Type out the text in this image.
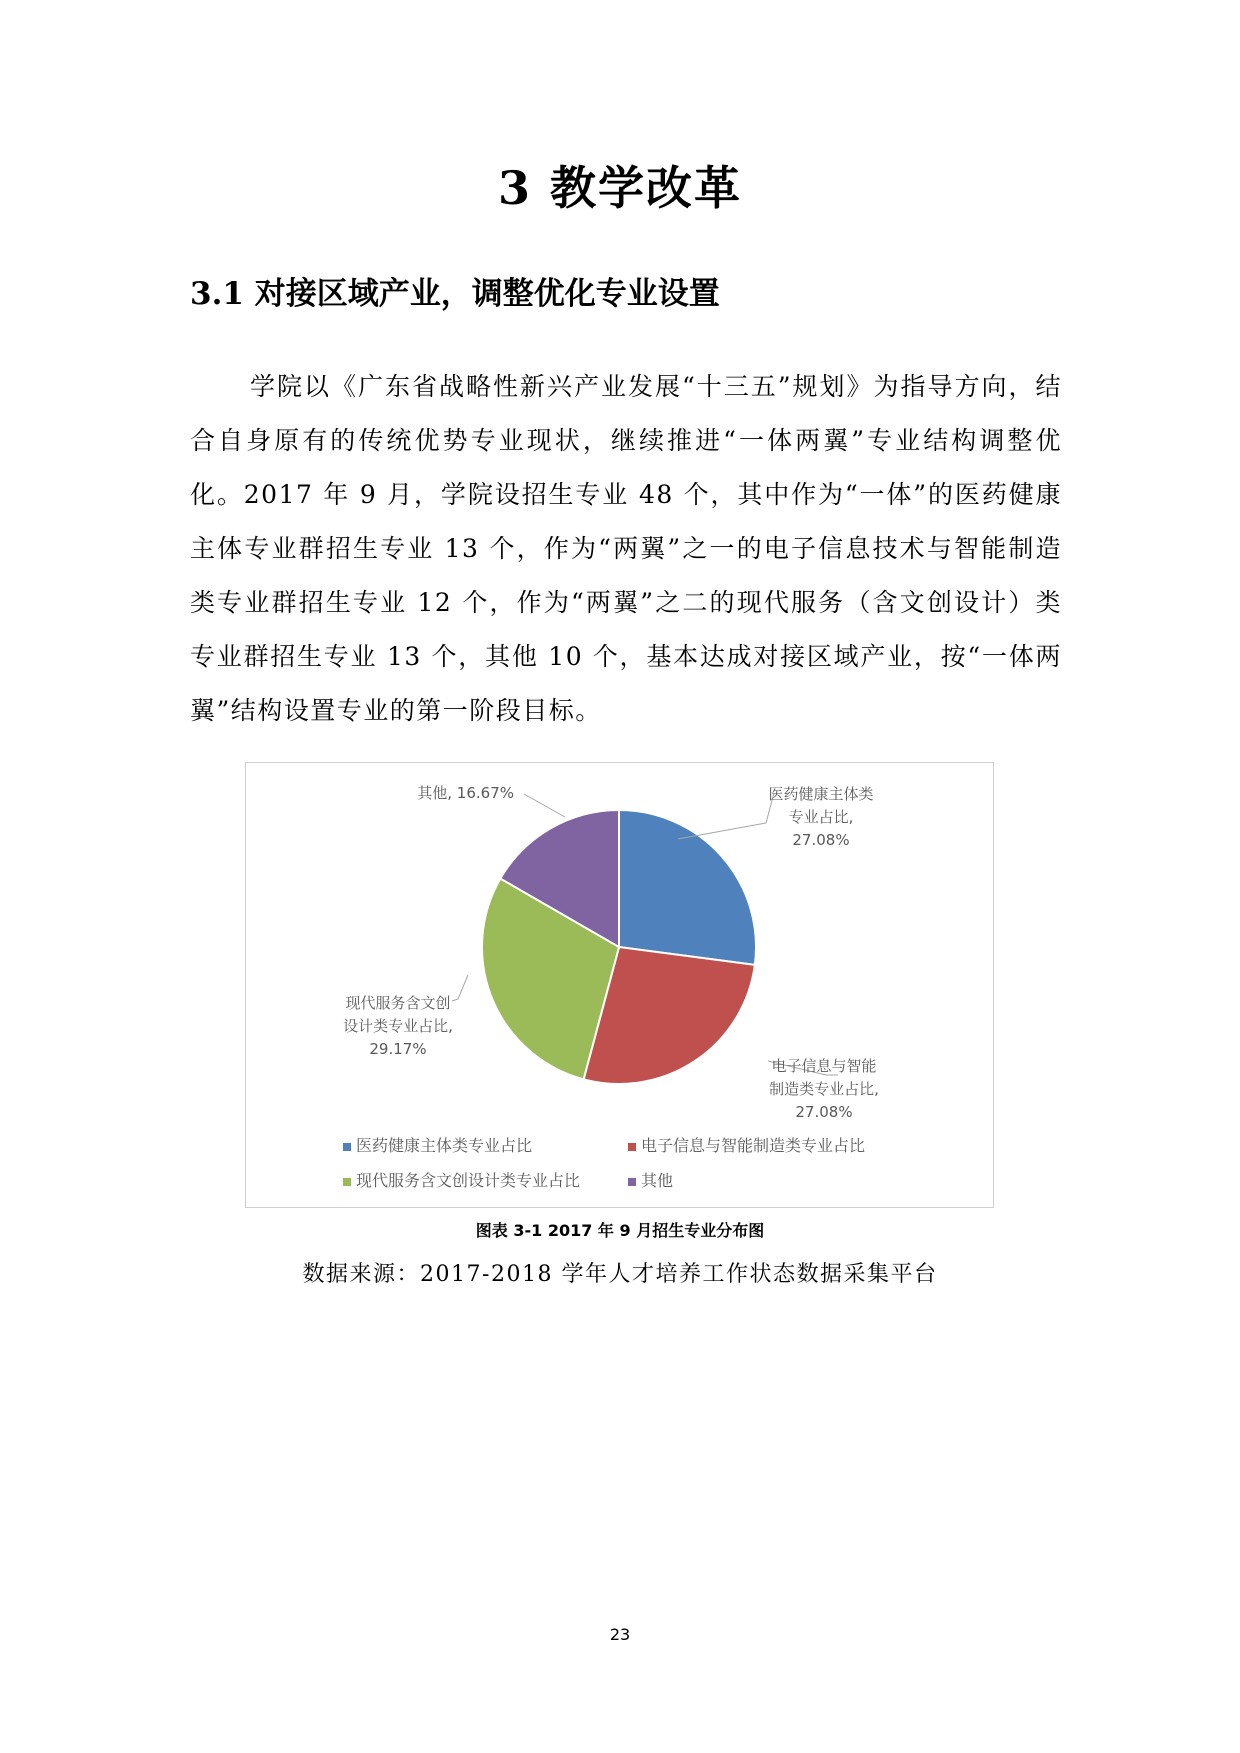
3 教学改革
3.1 对接区域产业，调整优化专业设置

学院以《广东省战略性新兴产业发展“十三五”规划》为指导方向，结合自身原有的传统优势专业现状，继续推进“一体两翼”专业结构调整优化。2017 年 9 月，学院设招生专业 48 个，其中作为“一体”的医药健康主体专业群招生专业 13 个，作为“两翼”之一的电子信息技术与智能制造类专业群招生专业 12 个，作为“两翼”之二的现代服务（含文创设计）类专业群招生专业 13 个，其他 10 个，基本达成对接区域产业，按“一体两翼”结构设置专业的第一阶段目标。

医药健康主体类专业占比, 27.08%
电子信息与智能制造类专业占比, 27.08%
现代服务含文创设计类专业占比, 29.17%
其他, 16.67%
医药健康主体类专业占比	电子信息与智能制造类专业占比
现代服务含文创设计类专业占比	其他
图表 3-1 2017 年 9 月招生专业分布图
数据来源：2017-2018 学年人才培养工作状态数据采集平台
23
